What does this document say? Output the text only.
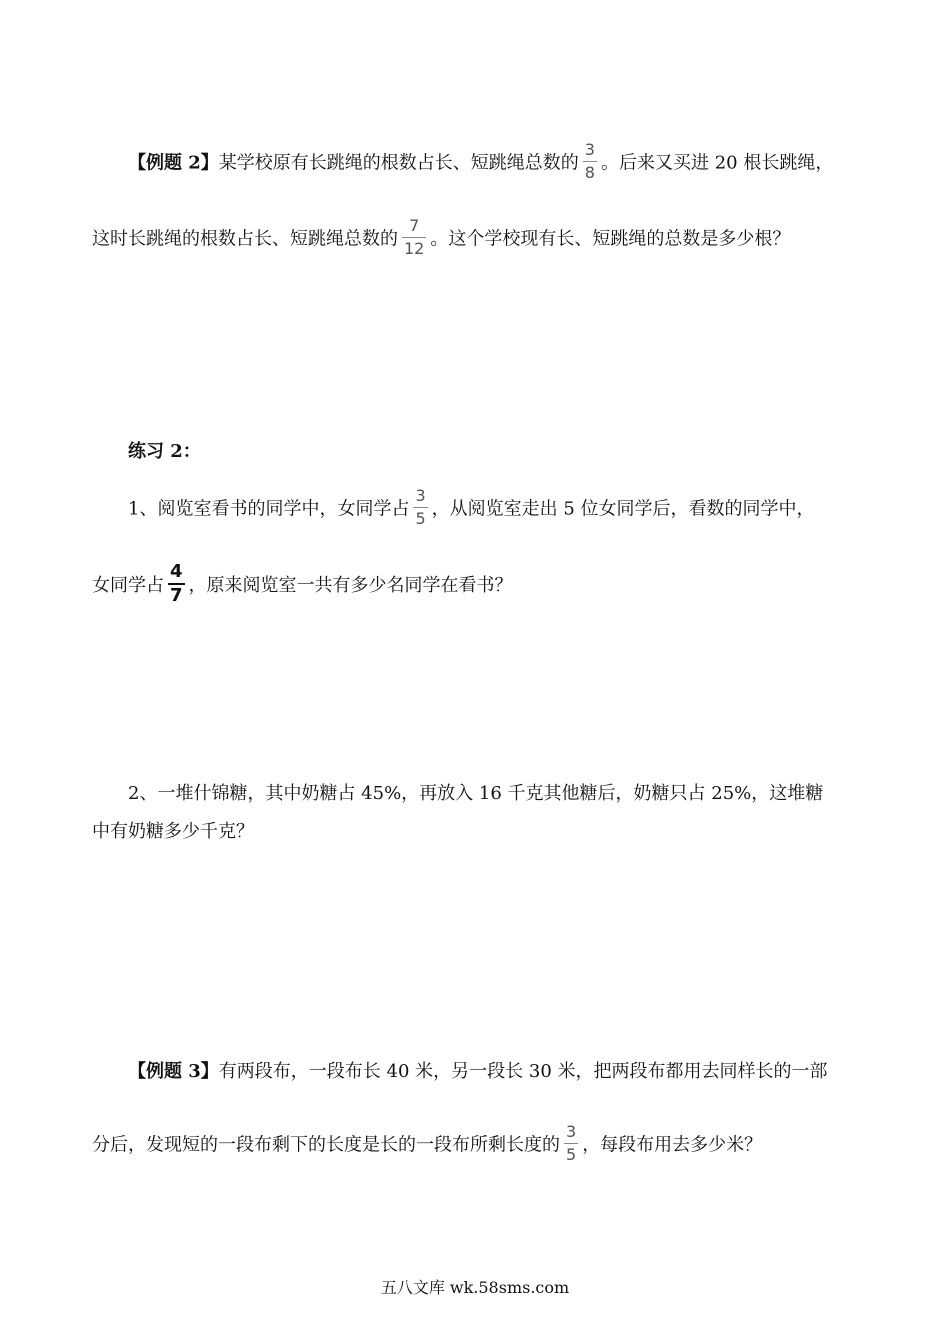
【例题 2】某学校原有长跳绳的根数占长、短跳绳总数的 $\frac{3}{8}$ 。后来又买进 20 根长跳绳，
这时长跳绳的根数占长、短跳绳总数的 $\frac{7}{12}$ 。这个学校现有长、短跳绳的总数是多少根？
练习 2：
1、阅览室看书的同学中，女同学占 $\frac{3}{5}$ ，从阅览室走出 5 位女同学后，看数的同学中，
女同学占 $\frac{4}{7}$ ，原来阅览室一共有多少名同学在看书？
2、一堆什锦糖，其中奶糖占 45%，再放入 16 千克其他糖后，奶糖只占 25%，这堆糖
中有奶糖多少千克？
【例题 3】有两段布，一段布长 40 米，另一段长 30 米，把两段布都用去同样长的一部
分后，发现短的一段布剩下的长度是长的一段布所剩长度的 $\frac{3}{5}$ ，每段布用去多少米？
五八文库 wk.58sms.com
